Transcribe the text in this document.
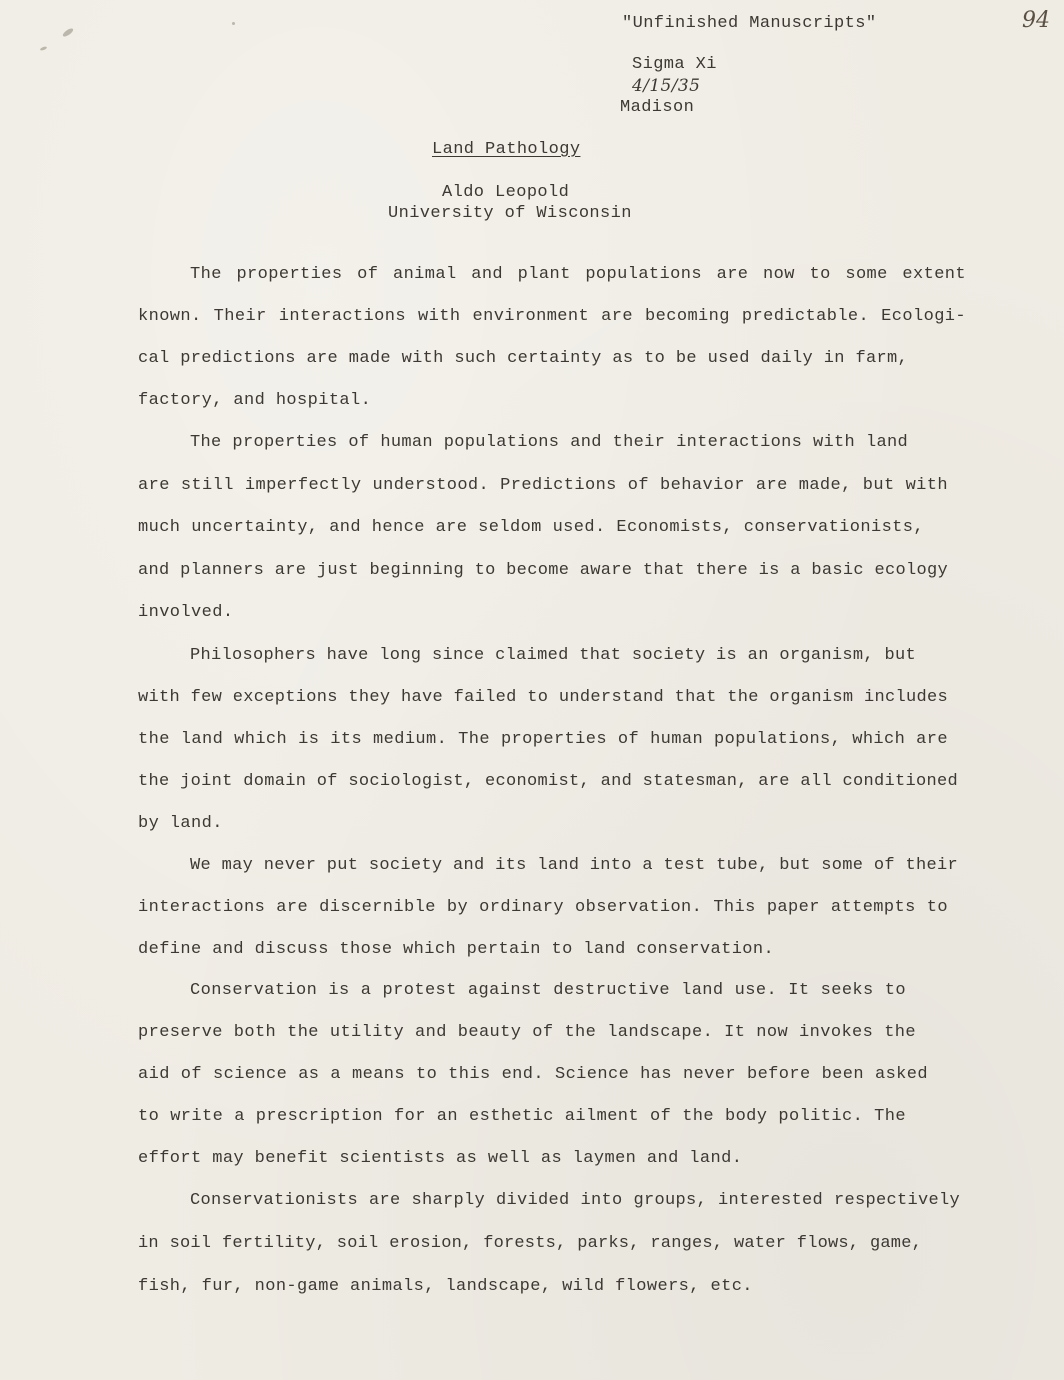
"Unfinished Manuscripts"	94
Sigma Xi
4/15/35
Madison
Land Pathology
Aldo Leopold
University of Wisconsin
The properties of animal and plant populations are now to some extent
known. Their interactions with environment are becoming predictable. Ecologi-
cal predictions are made with such certainty as to be used daily in farm,
factory, and hospital.
The properties of human populations and their interactions with land
are still imperfectly understood. Predictions of behavior are made, but with
much uncertainty, and hence are seldom used. Economists, conservationists,
and planners are just beginning to become aware that there is a basic ecology
involved.
Philosophers have long since claimed that society is an organism, but
with few exceptions they have failed to understand that the organism includes
the land which is its medium. The properties of human populations, which are
the joint domain of sociologist, economist, and statesman, are all conditioned
by land.
We may never put society and its land into a test tube, but some of their
interactions are discernible by ordinary observation. This paper attempts to
define and discuss those which pertain to land conservation.
Conservation is a protest against destructive land use. It seeks to
preserve both the utility and beauty of the landscape. It now invokes the
aid of science as a means to this end. Science has never before been asked
to write a prescription for an esthetic ailment of the body politic. The
effort may benefit scientists as well as laymen and land.
Conservationists are sharply divided into groups, interested respectively
in soil fertility, soil erosion, forests, parks, ranges, water flows, game,
fish, fur, non-game animals, landscape, wild flowers, etc.
